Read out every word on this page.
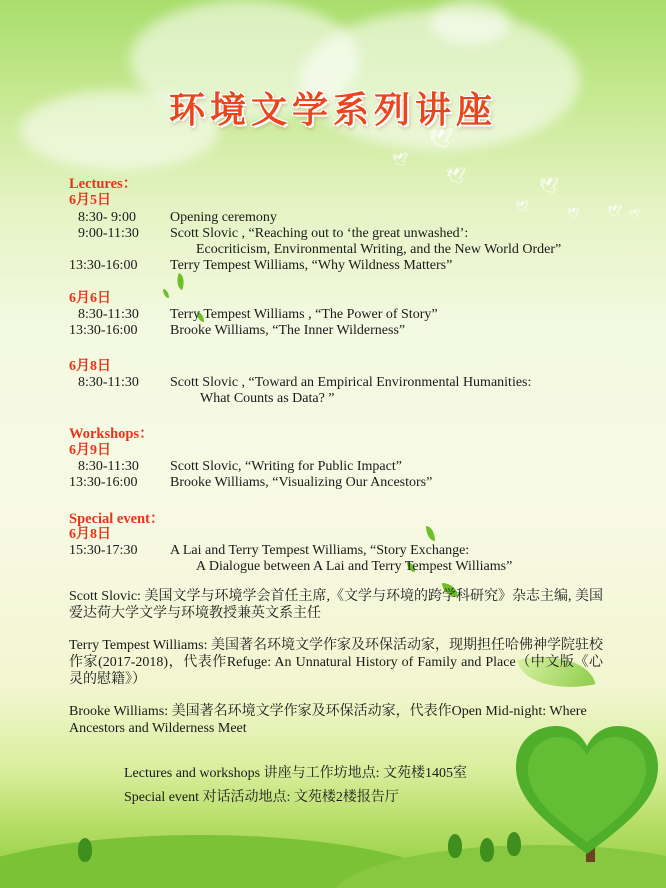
🕊
🕊
🕊
🕊
🕊
🕊 🕊 🕊
环境文学系列讲座
Lectures：
6月5日
8:30- 9:00 Opening ceremony
9:00-11:30 Scott Slovic , “Reaching out to ‘the great unwashed’:
Ecocriticism, Environmental Writing, and the New World Order”
13:30-16:00 Terry Tempest Williams, “Why Wildness Matters”
6月6日
8:30-11:30 Terry Tempest Williams , “The Power of Story”
13:30-16:00 Brooke Williams, “The Inner Wilderness”
6月8日
8:30-11:30 Scott Slovic , “Toward an Empirical Environmental Humanities:
What Counts as Data? ”
Workshops：
6月9日
8:30-11:30 Scott Slovic, “Writing for Public Impact”
13:30-16:00 Brooke Williams, “Visualizing Our Ancestors”
Special event：
6月8日
15:30-17:30 A Lai and Terry Tempest Williams, “Story Exchange:
A Dialogue between A Lai and Terry Tempest Williams”
Scott Slovic: 美国文学与环境学会首任主席,《文学与环境的跨学科研究》杂志主编, 美国爱达荷大学文学与环境教授兼英文系主任
Terry Tempest Williams: 美国著名环境文学作家及环保活动家，现期担任哈佛神学院驻校作家(2017-2018)，代表作Refuge: An Unnatural History of Family and Place（中文版《心灵的慰籍》）
Brooke Williams: 美国著名环境文学作家及环保活动家，代表作Open Mid-night: Where Ancestors and Wilderness Meet
Lectures and workshops 讲座与工作坊地点: 文苑楼1405室
Special event 对话活动地点: 文苑楼2楼报告厅
